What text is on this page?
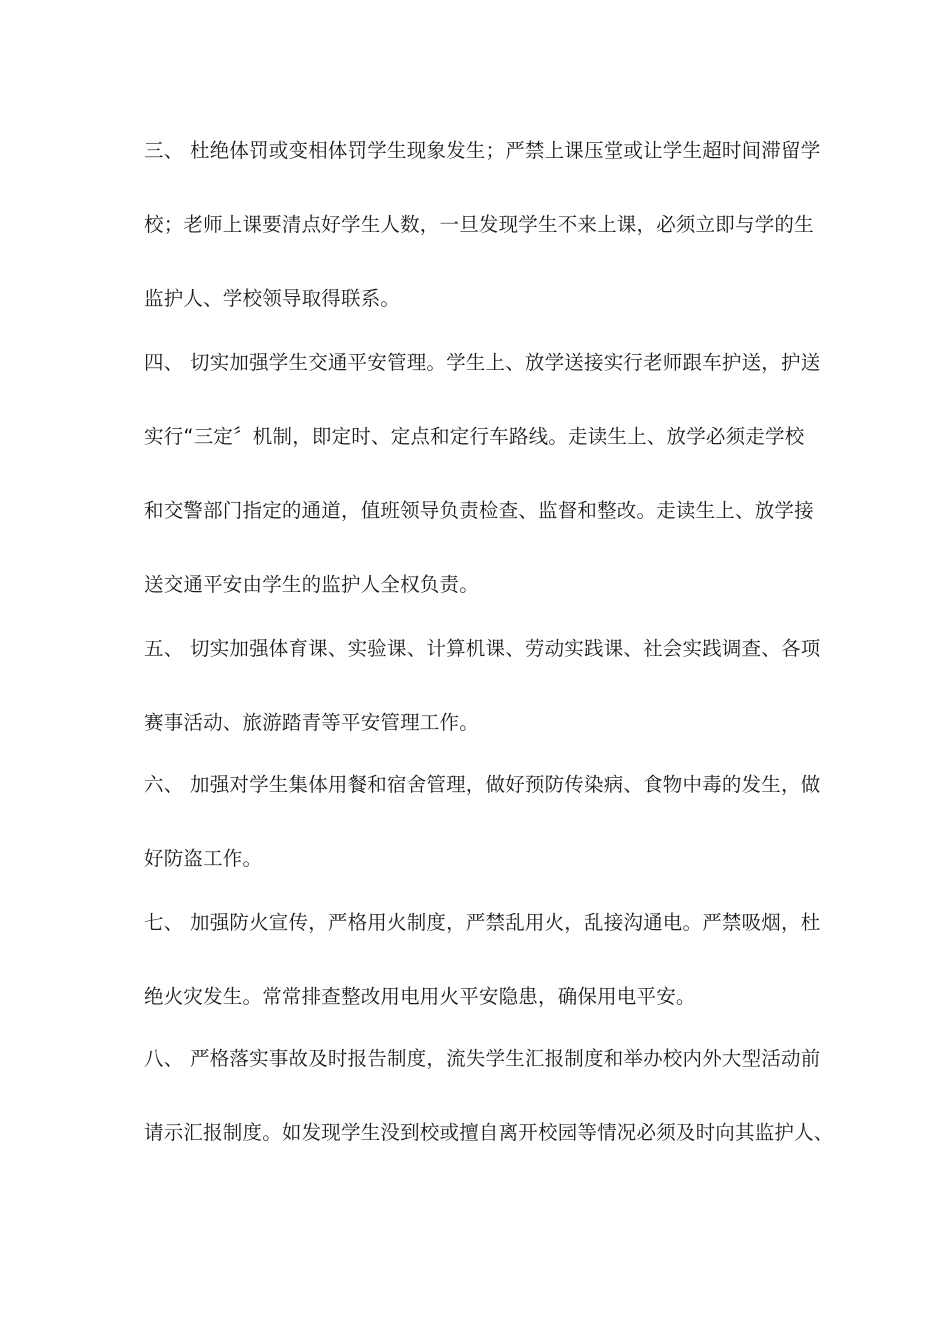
三、 杜绝体罚或变相体罚学生现象发生；严禁上课压堂或让学生超时间滞留学
校；老师上课要清点好学生人数，一旦发现学生不来上课，必须立即与学的生
监护人、学校领导取得联系。
四、 切实加强学生交通平安管理。学生上、放学送接实行老师跟车护送，护送
实行“三定〞机制，即定时、定点和定行车路线。走读生上、放学必须走学校
和交警部门指定的通道，值班领导负责检查、监督和整改。走读生上、放学接
送交通平安由学生的监护人全权负责。
五、 切实加强体育课、实验课、计算机课、劳动实践课、社会实践调查、各项
赛事活动、旅游踏青等平安管理工作。
六、 加强对学生集体用餐和宿舍管理，做好预防传染病、食物中毒的发生，做
好防盗工作。
七、 加强防火宣传，严格用火制度，严禁乱用火，乱接沟通电。严禁吸烟，杜
绝火灾发生。常常排查整改用电用火平安隐患，确保用电平安。
八、 严格落实事故及时报告制度，流失学生汇报制度和举办校内外大型活动前
请示汇报制度。如发现学生没到校或擅自离开校园等情况必须及时向其监护人、
